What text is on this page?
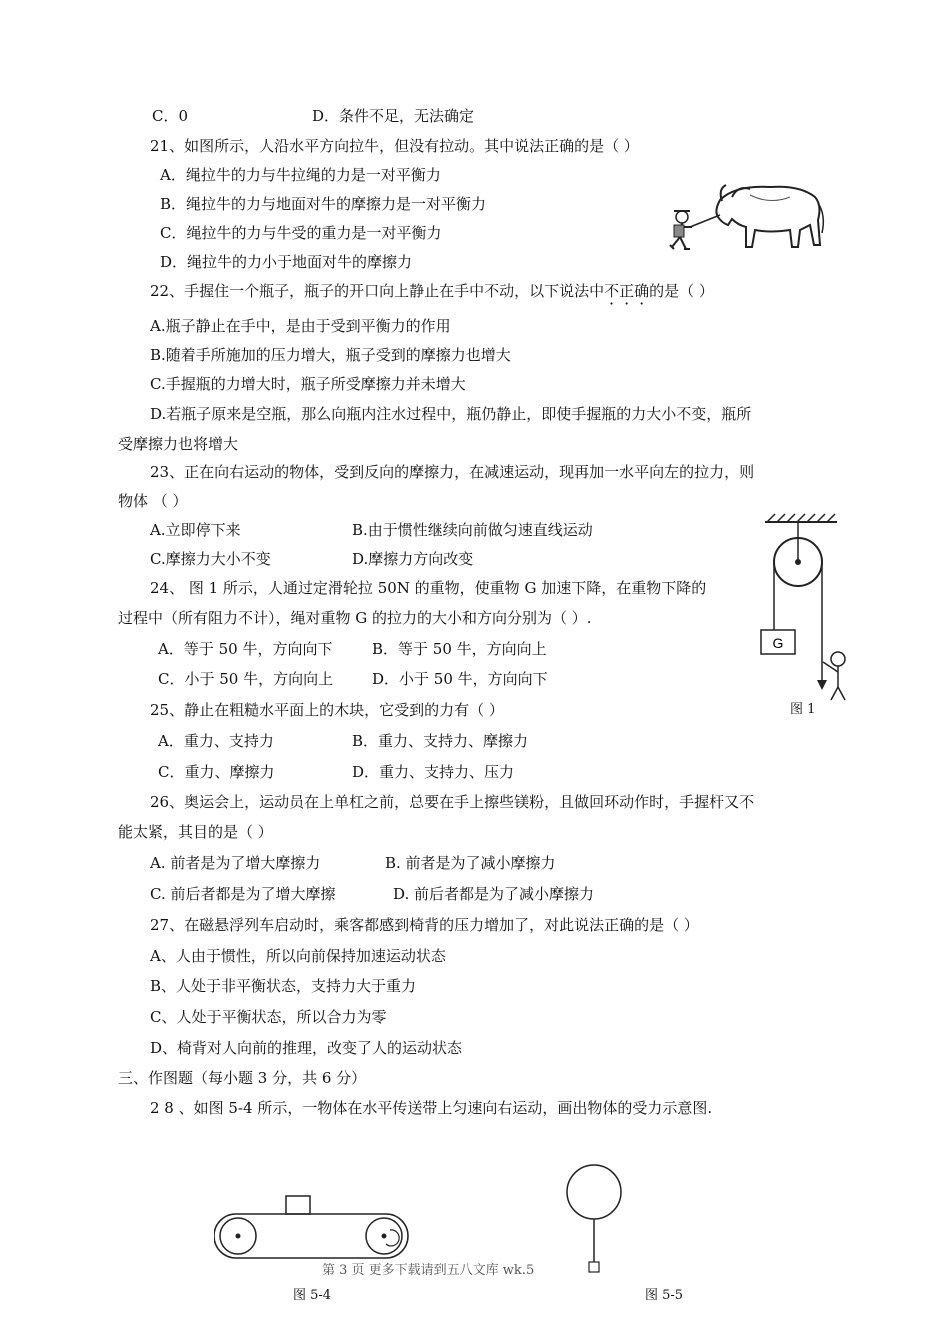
C．0	D．条件不足，无法确定
21、如图所示，人沿水平方向拉牛，但没有拉动。其中说法正确的是（ ）
A．绳拉牛的力与牛拉绳的力是一对平衡力
B．绳拉牛的力与地面对牛的摩擦力是一对平衡力
C．绳拉牛的力与牛受的重力是一对平衡力
D．绳拉牛的力小于地面对牛的摩擦力
22、手握住一个瓶子，瓶子的开口向上静止在手中不动，以下说法中不正确的是（ ）
A.瓶子静止在手中，是由于受到平衡力的作用
B.随着手所施加的压力增大，瓶子受到的摩擦力也增大
C.手握瓶的力增大时，瓶子所受摩擦力并未增大
D.若瓶子原来是空瓶，那么向瓶内注水过程中，瓶仍静止，即使手握瓶的力大小不变，瓶所
受摩擦力也将增大
23、正在向右运动的物体，受到反向的摩擦力，在减速运动，现再加一水平向左的拉力，则
物体 （ ）
A.立即停下来	B.由于惯性继续向前做匀速直线运动
C.摩擦力大小不变	D.摩擦力方向改变
24、 图 1 所示，人通过定滑轮拉 50N 的重物，使重物 G 加速下降，在重物下降的
过程中（所有阻力不计），绳对重物 G 的拉力的大小和方向分别为（ ）.
A．等于 50 牛，方向向下	B．等于 50 牛，方向向上
C．小于 50 牛，方向向上	D．小于 50 牛，方向向下
25、静止在粗糙水平面上的木块，它受到的力有（ ）
A．重力、支持力	B．重力、支持力、摩擦力
C．重力、摩擦力	D．重力、支持力、压力
26、奥运会上，运动员在上单杠之前，总要在手上擦些镁粉，且做回环动作时，手握杆又不
能太紧，其目的是（ ）
A. 前者是为了增大摩擦力	B. 前者是为了减小摩擦力
C. 前后者都是为了增大摩擦	D. 前后者都是为了减小摩擦力
27、在磁悬浮列车启动时，乘客都感到椅背的压力增加了，对此说法正确的是（ ）
A、人由于惯性，所以向前保持加速运动状态
B、人处于非平衡状态，支持力大于重力
C、人处于平衡状态，所以合力为零
D、椅背对人向前的推理，改变了人的运动状态
三、作图题（每小题 3 分，共 6 分）
2 8 、如图 5-4 所示，一物体在水平传送带上匀速向右运动，画出物体的受力示意图.
G
图 1
图 5-4	图 5-5
第 3 页 更多下载请到五八文库 wk.5
